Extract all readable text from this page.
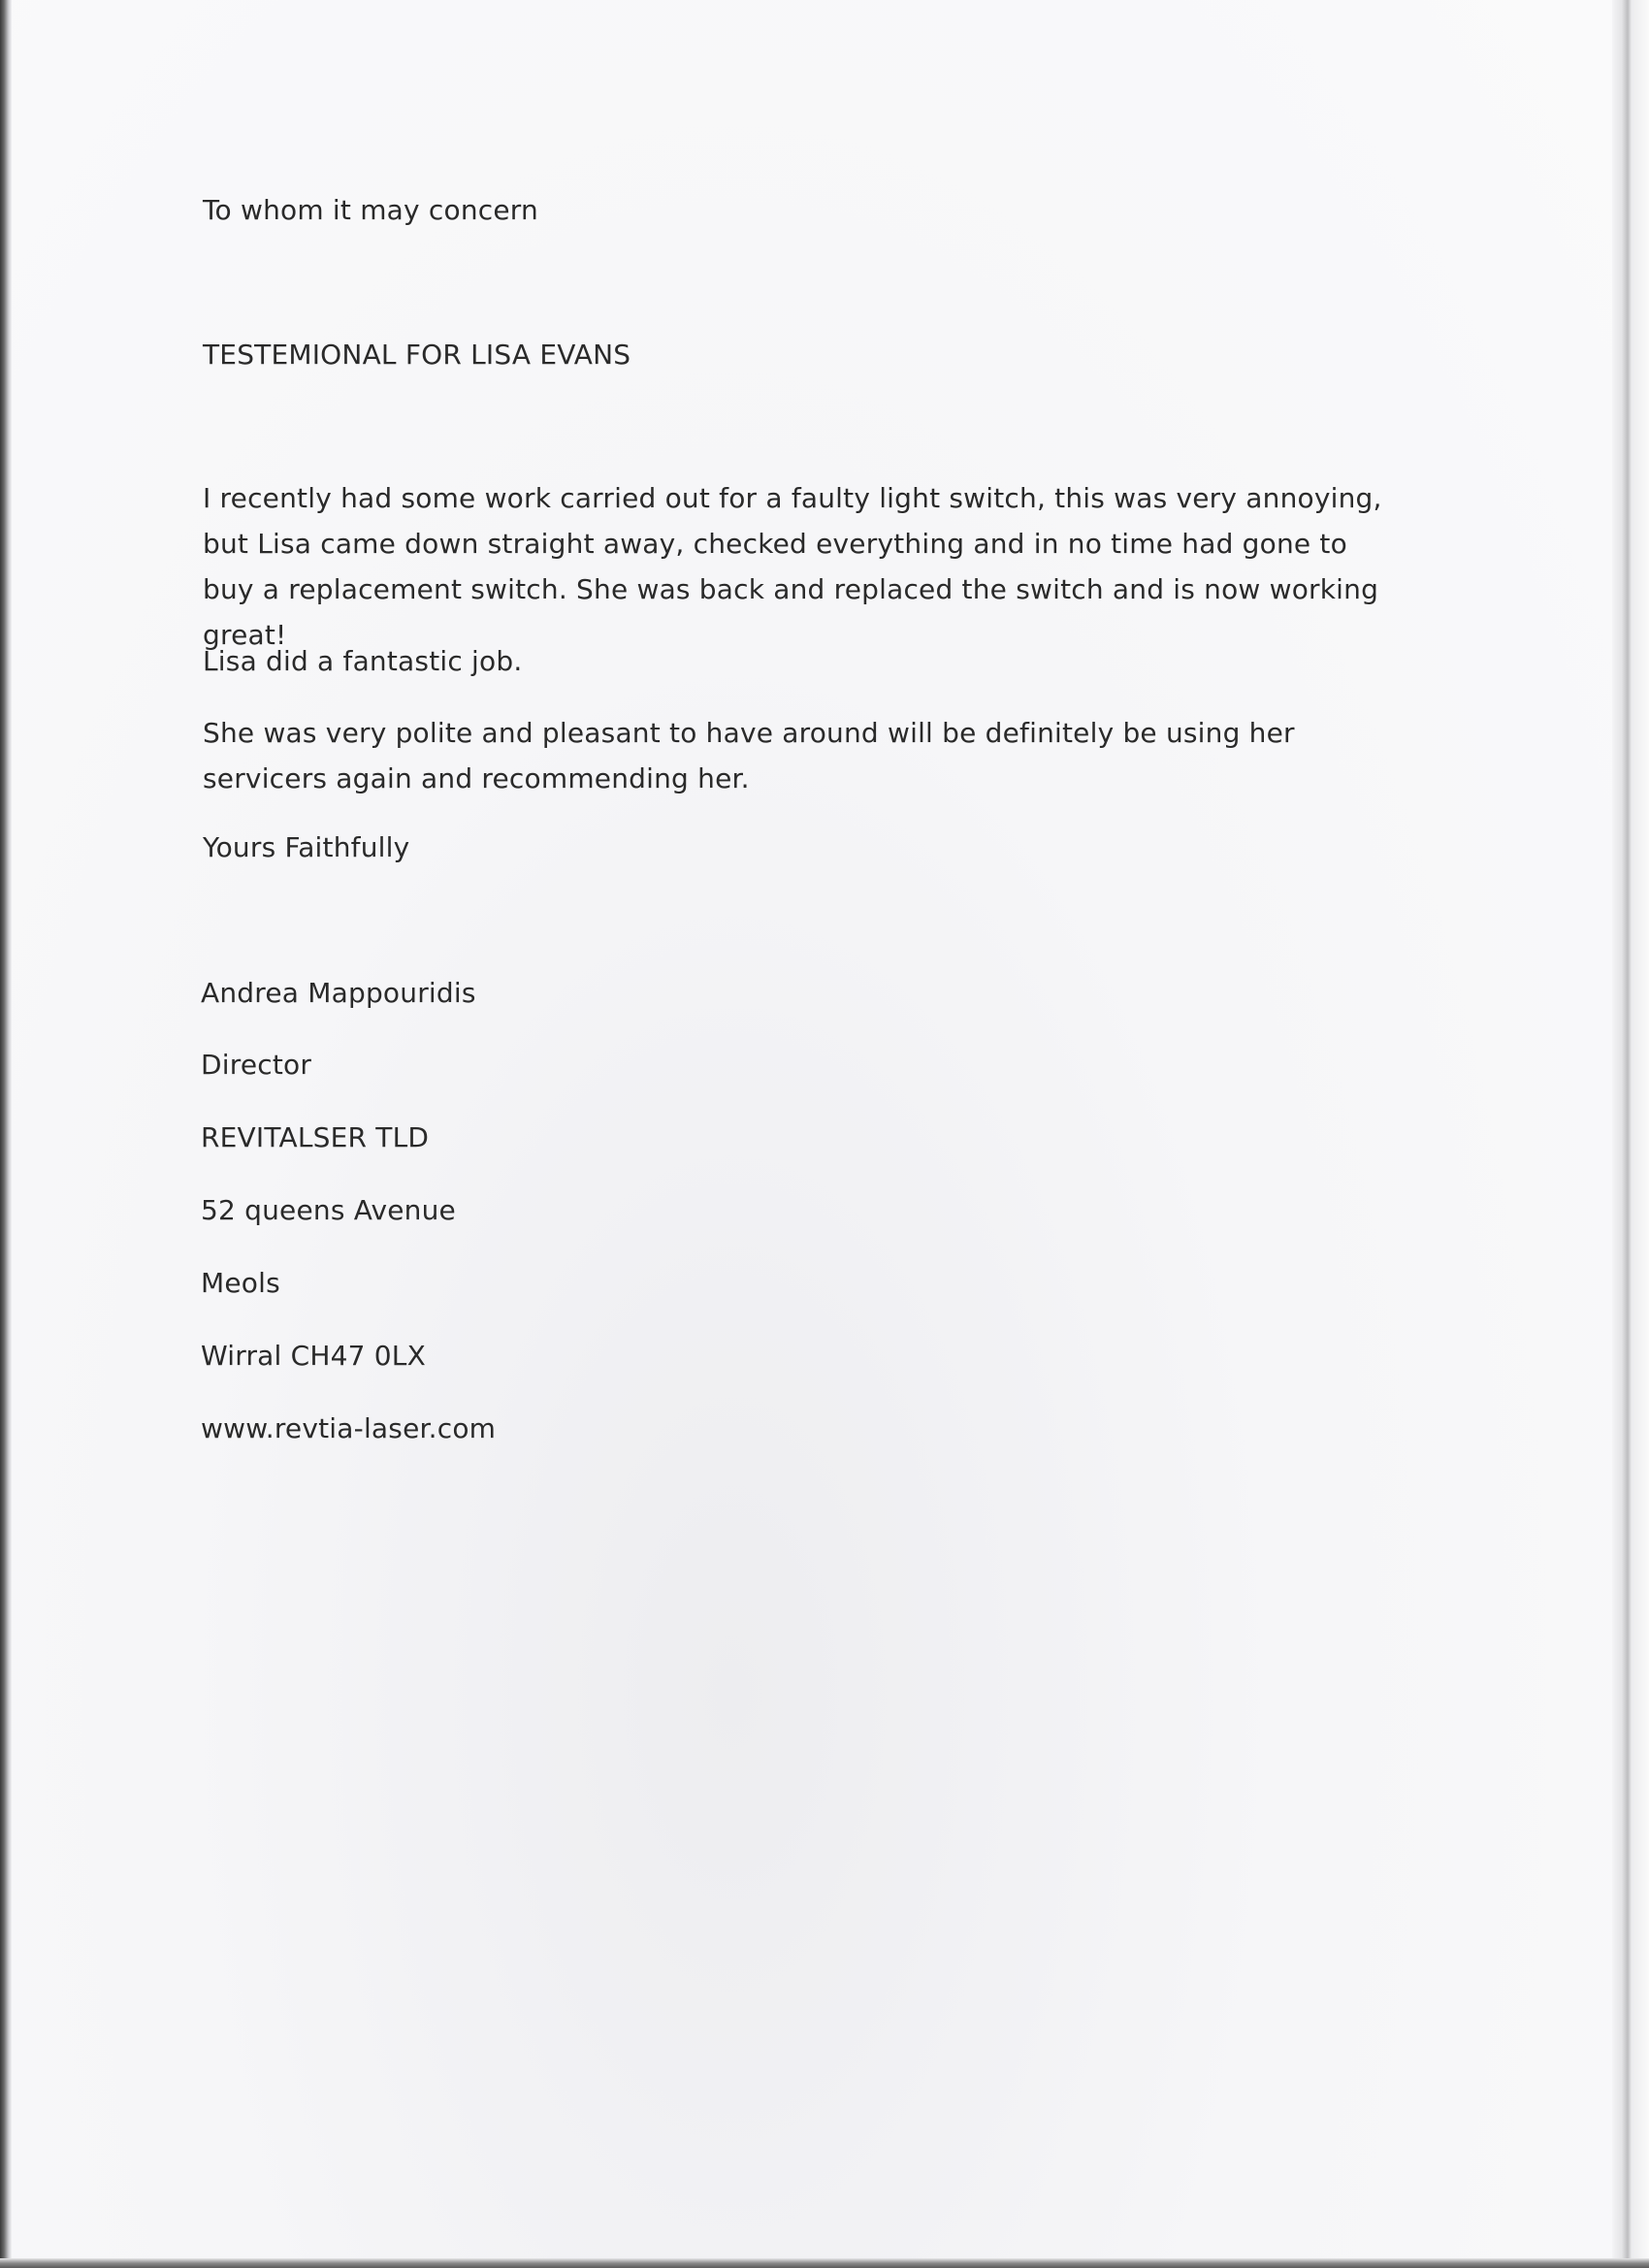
To whom it may concern
TESTEMIONAL FOR LISA EVANS
I recently had some work carried out for a faulty light switch, this was very annoying, but Lisa came down straight away, checked everything and in no time had gone to buy a replacement switch. She was back and replaced the switch and is now working great!
Lisa did a fantastic job.
She was very polite and pleasant to have around will be definitely be using her servicers again and recommending her.
Yours Faithfully
Andrea Mappouridis
Director
REVITALSER TLD
52 queens Avenue
Meols
Wirral CH47 0LX
www.revtia-laser.com
